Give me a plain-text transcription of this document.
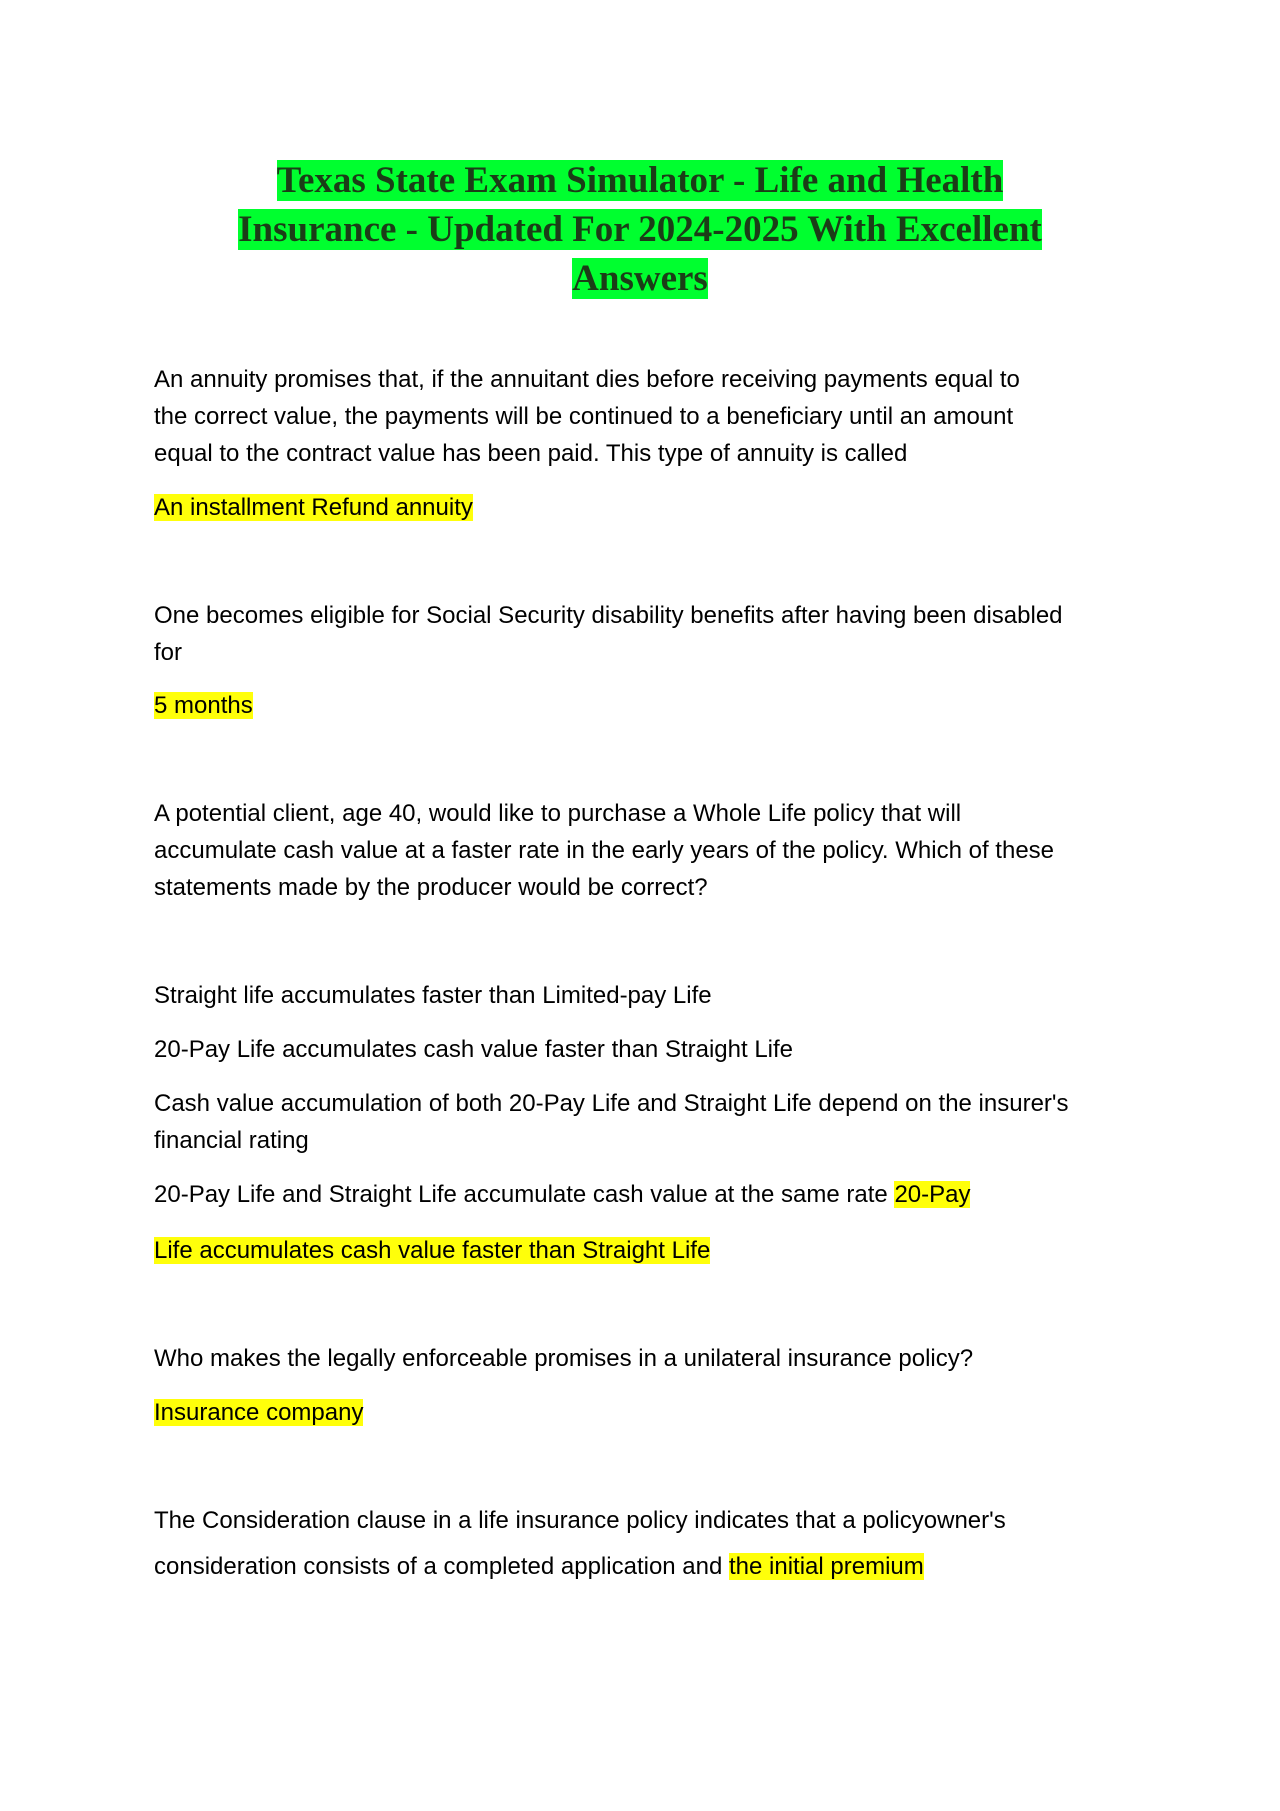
Texas State Exam Simulator - Life and Health
Insurance - Updated For 2024-2025 With Excellent
Answers
An annuity promises that, if the annuitant dies before receiving payments equal to
the correct value, the payments will be continued to a beneficiary until an amount
equal to the contract value has been paid. This type of annuity is called
An installment Refund annuity
One becomes eligible for Social Security disability benefits after having been disabled
for
5 months
A potential client, age 40, would like to purchase a Whole Life policy that will
accumulate cash value at a faster rate in the early years of the policy. Which of these
statements made by the producer would be correct?
Straight life accumulates faster than Limited-pay Life
20-Pay Life accumulates cash value faster than Straight Life
Cash value accumulation of both 20-Pay Life and Straight Life depend on the insurer's
financial rating
20-Pay Life and Straight Life accumulate cash value at the same rate 20-Pay
Life accumulates cash value faster than Straight Life
Who makes the legally enforceable promises in a unilateral insurance policy?
Insurance company
The Consideration clause in a life insurance policy indicates that a policyowner's
consideration consists of a completed application and the initial premium
